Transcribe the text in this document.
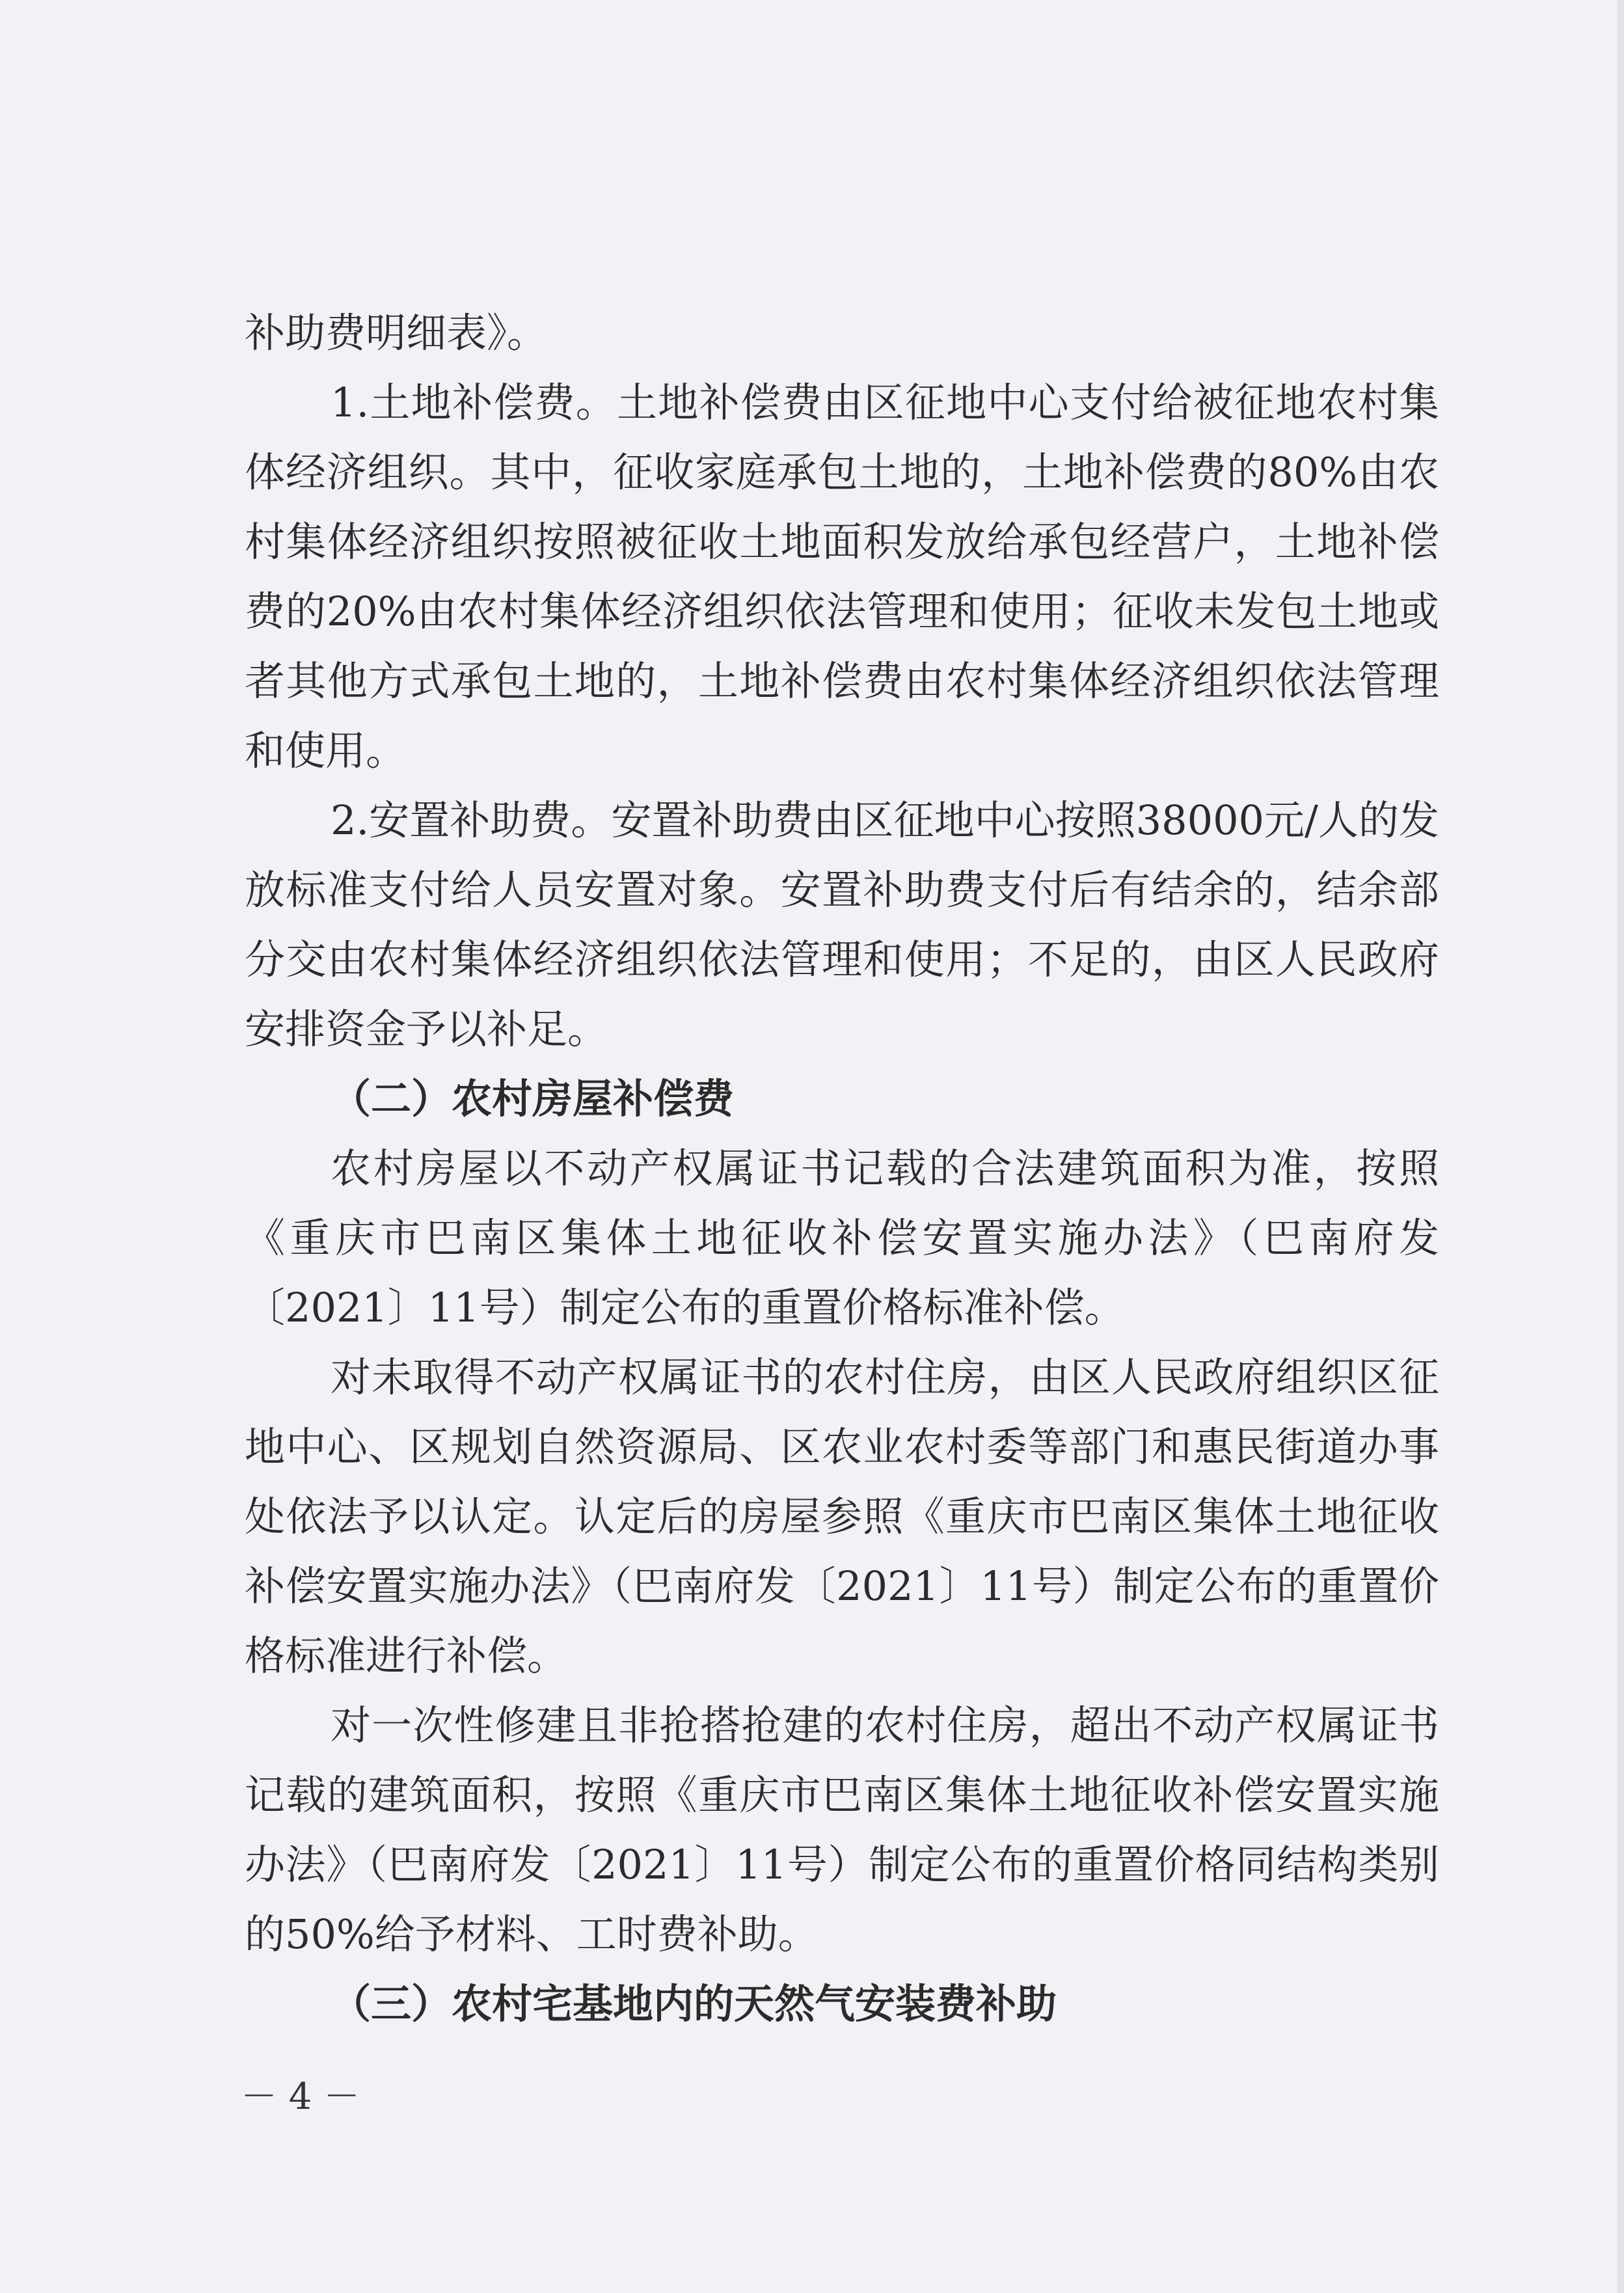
补助费明细表》。

1.土地补偿费。土地补偿费由区征地中心支付给被征地农村集体经济组织。其中，征收家庭承包土地的，土地补偿费的80%由农村集体经济组织按照被征收土地面积发放给承包经营户，土地补偿费的20%由农村集体经济组织依法管理和使用；征收未发包土地或者其他方式承包土地的，土地补偿费由农村集体经济组织依法管理和使用。

2.安置补助费。安置补助费由区征地中心按照38000元/人的发放标准支付给人员安置对象。安置补助费支付后有结余的，结余部分交由农村集体经济组织依法管理和使用；不足的，由区人民政府安排资金予以补足。

（二）农村房屋补偿费

农村房屋以不动产权属证书记载的合法建筑面积为准，按照《重庆市巴南区集体土地征收补偿安置实施办法》（巴南府发〔2021〕11号）制定公布的重置价格标准补偿。

对未取得不动产权属证书的农村住房，由区人民政府组织区征地中心、区规划自然资源局、区农业农村委等部门和惠民街道办事处依法予以认定。认定后的房屋参照《重庆市巴南区集体土地征收补偿安置实施办法》（巴南府发〔2021〕11号）制定公布的重置价格标准进行补偿。

对一次性修建且非抢搭抢建的农村住房，超出不动产权属证书记载的建筑面积，按照《重庆市巴南区集体土地征收补偿安置实施办法》（巴南府发〔2021〕11号）制定公布的重置价格同结构类别的50%给予材料、工时费补助。

（三）农村宅基地内的天然气安装费补助

－ 4 －
